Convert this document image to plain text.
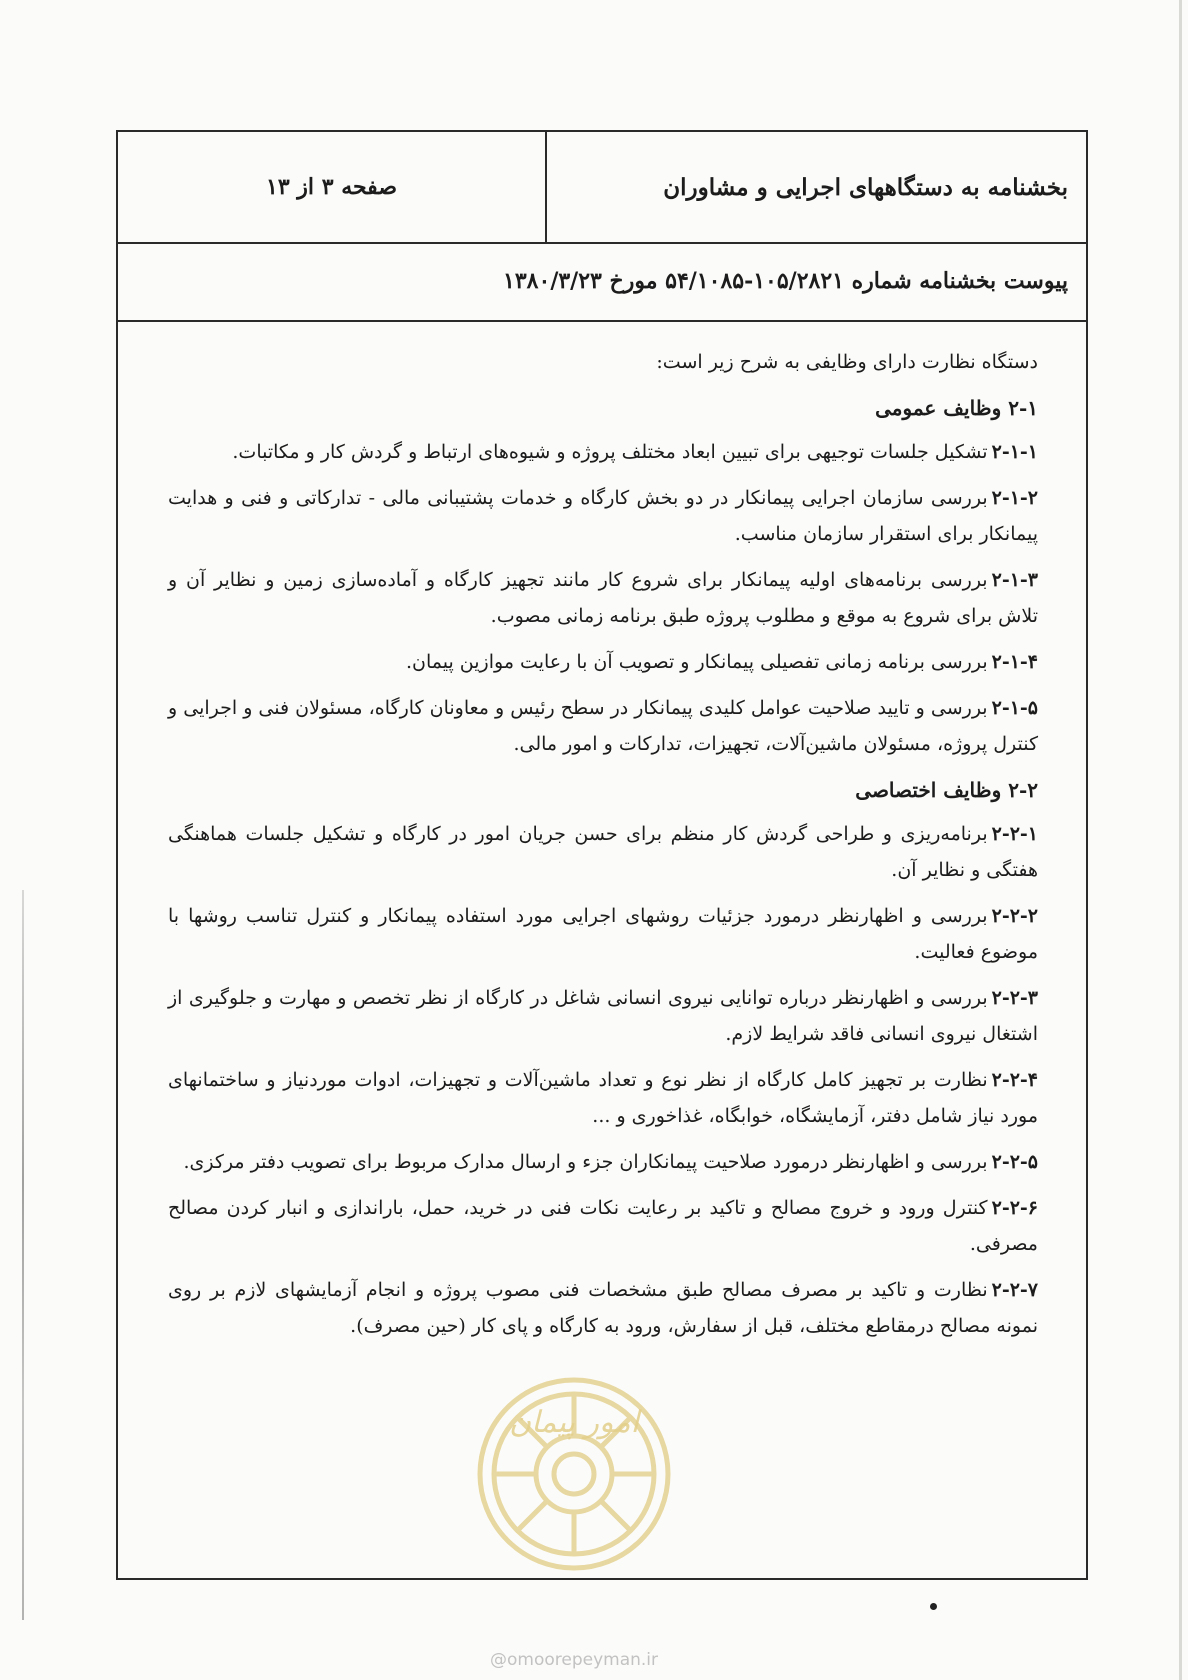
بخشنامه به دستگاههای اجرایی و مشاوران
صفحه ۳ از ۱۳
پیوست بخشنامه شماره ۱۰۵/۲۸۲۱-۵۴/۱۰۸۵ مورخ ۱۳۸۰/۳/۲۳

دستگاه نظارت دارای وظایفی به شرح زیر است:

۲-۱ وظایف عمومی

۲-۱-۱تشکیل جلسات توجیهی برای تبیین ابعاد مختلف پروژه و شیوه‌های ارتباط و گردش کار و مکاتبات.

۲-۱-۲بررسی سازمان اجرایی پیمانکار در دو بخش کارگاه و خدمات پشتیبانی مالی - تدارکاتی و فنی و هدایت پیمانکار برای استقرار سازمان مناسب.

۲-۱-۳بررسی برنامه‌های اولیه پیمانکار برای شروع کار مانند تجهیز کارگاه و آماده‌سازی زمین و نظایر آن و تلاش برای شروع به موقع و مطلوب پروژه طبق برنامه زمانی مصوب.

۲-۱-۴بررسی برنامه زمانی تفصیلی پیمانکار و تصویب آن با رعایت موازین پیمان.

۲-۱-۵بررسی و تایید صلاحیت عوامل کلیدی پیمانکار در سطح رئیس و معاونان کارگاه، مسئولان فنی و اجرایی و کنترل پروژه، مسئولان ماشین‌آلات، تجهیزات، تدارکات و امور مالی.

۲-۲ وظایف اختصاصی

۲-۲-۱برنامه‌ریزی و طراحی گردش کار منظم برای حسن جریان امور در کارگاه و تشکیل جلسات هماهنگی هفتگی و نظایر آن.

۲-۲-۲بررسی و اظهارنظر درمورد جزئیات روشهای اجرایی مورد استفاده پیمانکار و کنترل تناسب روشها با موضوع فعالیت.

۲-۲-۳بررسی و اظهارنظر درباره توانایی نیروی انسانی شاغل در کارگاه از نظر تخصص و مهارت و جلوگیری از اشتغال نیروی انسانی فاقد شرایط لازم.

۲-۲-۴نظارت بر تجهیز کامل کارگاه از نظر نوع و تعداد ماشین‌آلات و تجهیزات، ادوات موردنیاز و ساختمانهای مورد نیاز شامل دفتر، آزمایشگاه، خوابگاه، غذاخوری و ...

۲-۲-۵بررسی و اظهارنظر درمورد صلاحیت پیمانکاران جزء و ارسال مدارک مربوط برای تصویب دفتر مرکزی.

۲-۲-۶کنترل ورود و خروج مصالح و تاکید بر رعایت نکات فنی در خرید، حمل، باراندازی و انبار کردن مصالح مصرفی.

۲-۲-۷نظارت و تاکید بر مصرف مصالح طبق مشخصات فنی مصوب پروژه و انجام آزمایشهای لازم بر روی نمونه مصالح درمقاطع مختلف، قبل از سفارش، ورود به کارگاه و پای کار (حین مصرف).

امور پیمان
@omoorepeyman.ir
